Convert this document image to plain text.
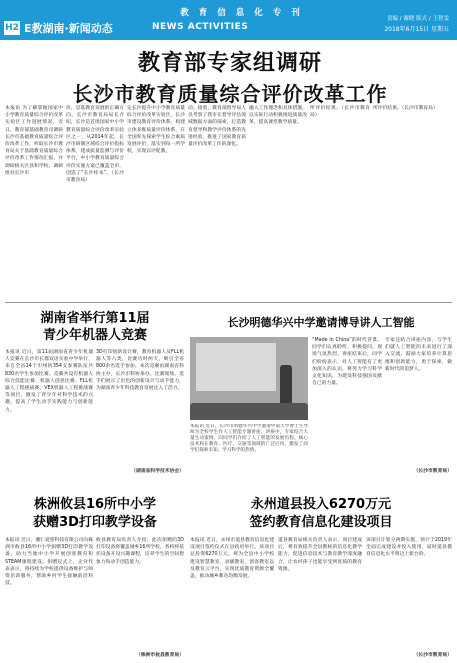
教育信息化专刊
H2 E教湖南·新闻动态	NEWS ACTIVITIES
责编 / 谢晓 版式 / 王智雯
2018年6月15日 星期五
教育部专家组调研
长沙市教育质量综合评价改革工作
本报讯 为了解掌握国家中小学教育质量综合评价改革实验区工作进展情况，近日，教育部基础教育司调研长沙市基础教育质量综合评价改革工作，听取长沙市教育局关于基础教育质量综合评价改革工作情况汇报，并调研相关区县和学校。调研组对长沙市
价，是基教育发展的正确方向。长沙市教育局局长介绍，长沙是首批国家中小学教育质量综合评价改革实验区之一，从2014年起，长沙市研制区域综合评价指标体系，建成质量监测与评价平台，中小学教育质量综合评价实施方案已覆盖全市，创造了“长沙样本”。（长沙市教育局）
定长沙提升中小学教育质量综合评价改革实验区，长沙市建设教育评价体系，构建立体多维质量评价体系，在全国率先探索学生综合素质发展评价，落实到每一所学校，实现以评促教。
动。接着，教育部督导局人员考察了我市在督导评估领域数据方面的探索，打造教育督导和教学评价体系的先进经验，推进了国家教育质量评价改革工作的深化。
融入工作理念和具体措施，以实际行动积极推进质量改革，提高课堂教学质量。
所评价结果。（长沙市教育局）
所评价结果。（长沙市教育局）
湖南省举行第11届
青少年机器人竞赛
本报讯 近日，第11届湖南省青少年机器人竞赛在长沙市长郡双语实验中学举行，来自全省14个市州的354支参赛队伍共830名学生参加比赛。竞赛共设有机器人综合技能比赛、机器人创意比赛、FLL机器人工程挑战赛、VEX机器人工程挑战赛等项目，激发了青少年对科学技术的兴趣，提高了学生动手实践能力与创新能力。
3D打印创新设计赛，教育机器人及FLL机器人等八类，比赛历时两天，吸引全省800余名选手参加。本次竞赛由湖南省科协主办，长沙市科协承办。比赛现场，选手们展示了出色的创新设计与动手能力，为湖南青少年科技教育发展注入了活力。
（湖南省科学技术协会）
长沙明德华兴中学邀请博导讲人工智能
本报讯 近日，长沙市明德华兴中学邀请中南大学博士生导师为全校学生作人工智能专题讲座。讲座中，专家结合大量生动案例，向同学们介绍了人工智能的发展历程、核心技术和在教育、医疗、交通等领域的广泛应用，激发了同学们探索未知、学习科学的热情。
“Made in China”的时代背景。同学们认真聆听，积极提问，现场气氛热烈。讲座结束后，同学们纷纷表示，对人工智能有了更加深入的认识，将努力学习科学文化知识，为建设科技强国贡献自己的力量。
专家还结合讲座内容，与学生们就人工智能的未来进行了深入交流，鼓励大家培养计算思维和创新能力，勇于探索，做新时代的追梦人。
（长沙市教育局）
株洲攸县16所中小学
获赠3D打印教学设备
本报讯 近日，湘仁爱慈科技有限公司向株洲市攸县16所中小学捐赠3D打印教学设备，助力当地中小学开展创客教育和STEAM课程建设。捐赠仪式上，企业代表表示，将持续为学校提供设备维护与师资培训服务，帮助乡村学生接触前沿科技。
攸县教育局负责人介绍，此次捐赠的3D打印设备将覆盖城乡16所学校，各校将依托设备开设兴趣课程，培养学生的空间想象力和动手创造能力。
（株洲市攸县教育局）
永州道县投入6270万元
签约教育信息化建设项目
本报讯 近日，永州市道县教育信息化建设项目签约仪式在县政府举行。该项目总投资6270万元，将为全县中小学校建设智慧教室、录播教室、创客教室以及教育云平台，实现优质教育资源全覆盖，推动城乡教育均衡发展。
道县教育局相关负责人表示，项目建成后，将有效提升全县教师的信息化教学能力，促进信息技术与教育教学深度融合，让农村孩子也能享受到优质的教育资源。
该项目计划分两期实施，预计于2019年全面完成建设并投入使用，届时道县教育信息化水平将迈上新台阶。
（长沙市教育局）
